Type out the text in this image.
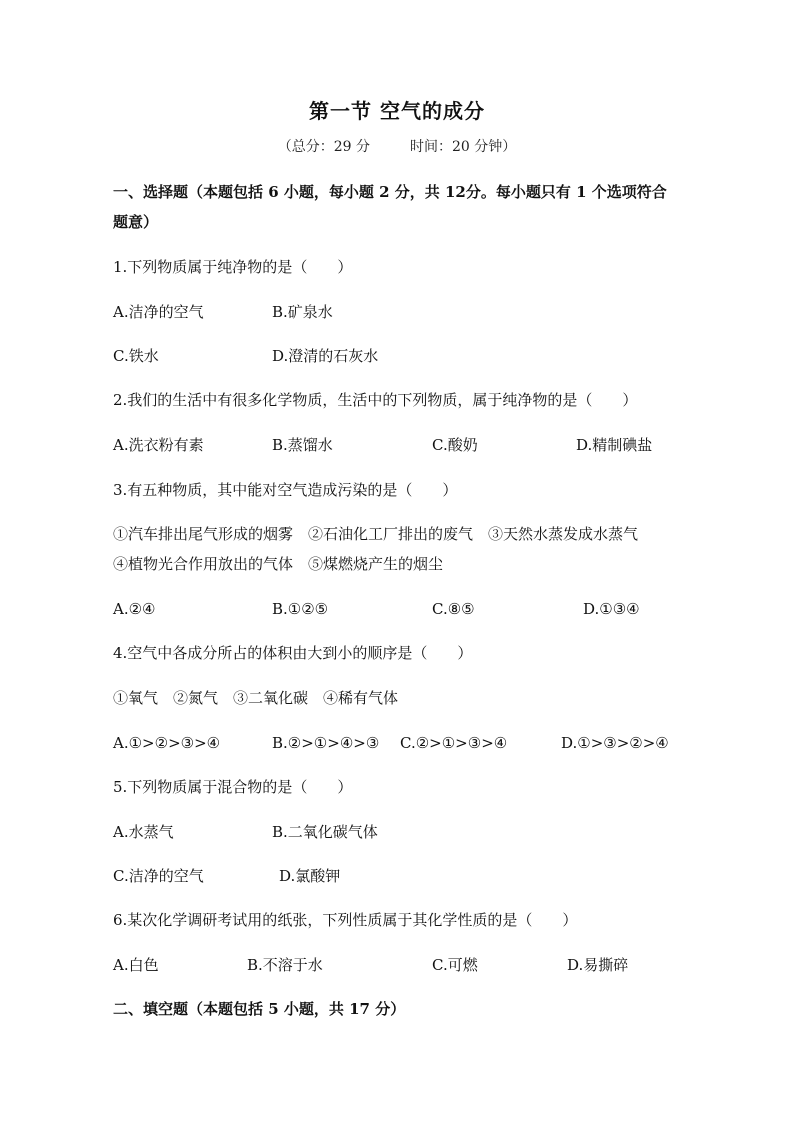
第一节 空气的成分
（总分：29 分	时间：20 分钟）
一、选择题（本题包括 6 小题，每小题 2 分，共 12分。每小题只有 1 个选项符合
题意）
1.下列物质属于纯净物的是（　　）
A.洁净的空气	B.矿泉水
C.铁水	D.澄清的石灰水
2.我们的生活中有很多化学物质，生活中的下列物质，属于纯净物的是（　　）
A.洗衣粉有素	B.蒸馏水	C.酸奶	D.精制碘盐
3.有五种物质，其中能对空气造成污染的是（　　）
①汽车排出尾气形成的烟雾　②石油化工厂排出的废气　③天然水蒸发成水蒸气
④植物光合作用放出的气体　⑤煤燃烧产生的烟尘
A.②④	B.①②⑤	C.⑧⑤	D.①③④
4.空气中各成分所占的体积由大到小的顺序是（　　）
①氧气　②氮气　③二氧化碳　④稀有气体
A.①>②>③>④	B.②>①>④>③ C.②>①>③>④	D.①>③>②>④
5.下列物质属于混合物的是（　　）
A.水蒸气	B.二氧化碳气体
C.洁净的空气	D.氯酸钾
6.某次化学调研考试用的纸张，下列性质属于其化学性质的是（　　）
A.白色	B.不溶于水	C.可燃	D.易撕碎
二、填空题（本题包括 5 小题，共 17 分）
